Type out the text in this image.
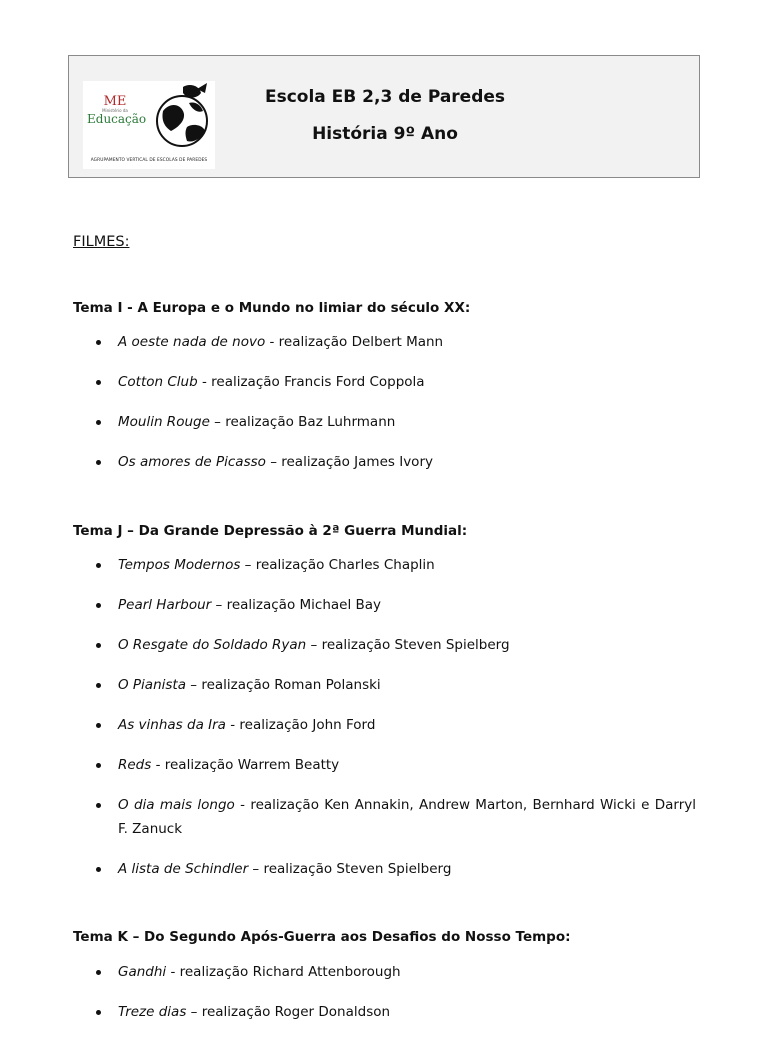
ME
Ministério da
Educação
AGRUPAMENTO VERTICAL DE ESCOLAS DE PAREDES
Escola EB 2,3 de Paredes
História 9º Ano
FILMES:
Tema I - A Europa e o Mundo no limiar do século XX:
A oeste nada de novo - realização Delbert Mann
Cotton Club - realização Francis Ford Coppola
Moulin Rouge – realização Baz Luhrmann
Os amores de Picasso – realização James Ivory
Tema J – Da Grande Depressão à 2ª Guerra Mundial:
Tempos Modernos – realização Charles Chaplin
Pearl Harbour – realização Michael Bay
O Resgate do Soldado Ryan – realização Steven Spielberg
O Pianista – realização Roman Polanski
As vinhas da Ira - realização John Ford
Reds - realização Warrem Beatty
O dia mais longo - realização Ken Annakin, Andrew Marton, Bernhard Wicki e Darryl F. Zanuck
A lista de Schindler – realização Steven Spielberg
Tema K – Do Segundo Após-Guerra aos Desafios do Nosso Tempo:
Gandhi - realização Richard Attenborough
Treze dias – realização Roger Donaldson
